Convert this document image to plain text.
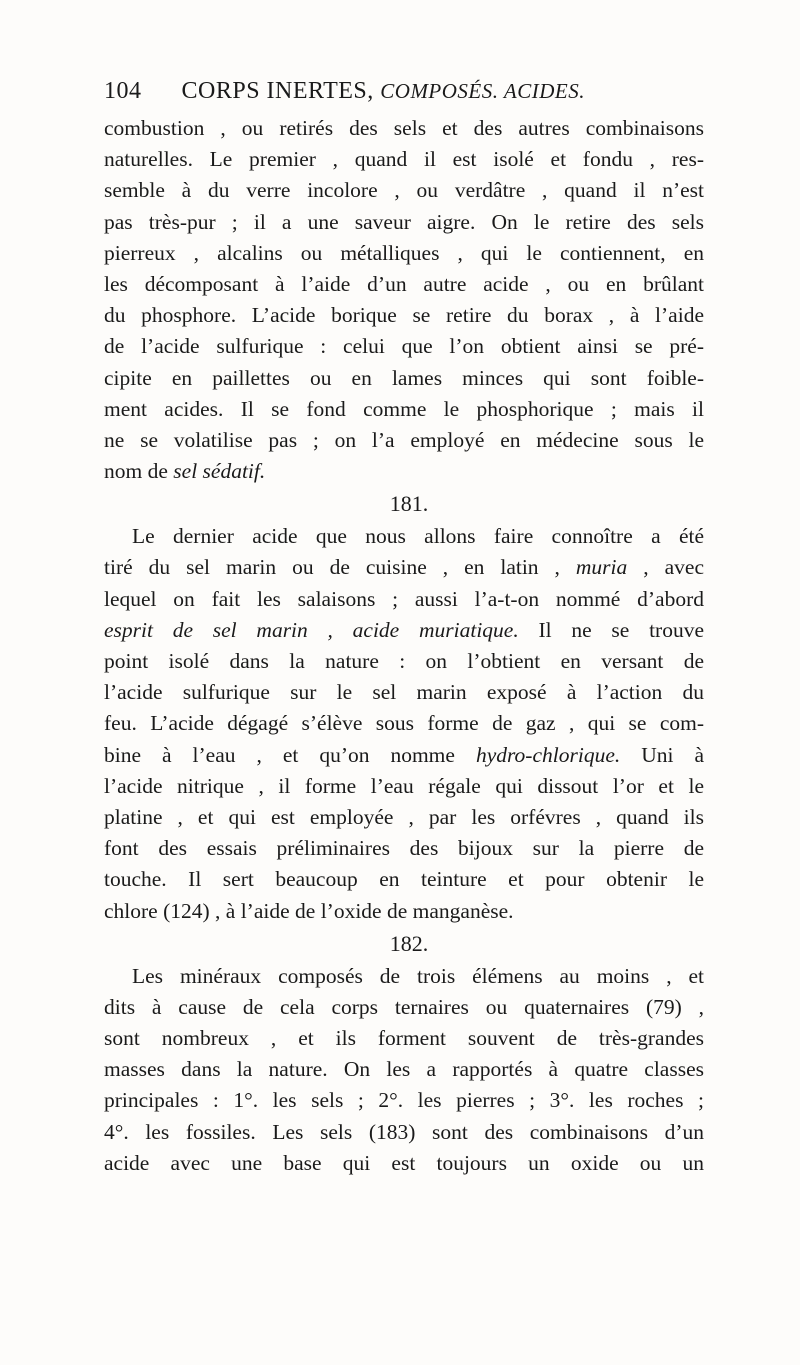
104 CORPS INERTES, COMPOSÉS. ACIDES.
combustion , ou retirés des sels et des autres combinaisons
naturelles. Le premier , quand il est isolé et fondu , res-
semble à du verre incolore , ou verdâtre , quand il n’est
pas très-pur ; il a une saveur aigre. On le retire des sels
pierreux , alcalins ou métalliques , qui le contiennent, en
les décomposant à l’aide d’un autre acide , ou en brûlant
du phosphore. L’acide borique se retire du borax , à l’aide
de l’acide sulfurique : celui que l’on obtient ainsi se pré-
cipite en paillettes ou en lames minces qui sont foible-
ment acides. Il se fond comme le phosphorique ; mais il
ne se volatilise pas ; on l’a employé en médecine sous le
nom de sel sédatif.
181.
Le dernier acide que nous allons faire connoître a été
tiré du sel marin ou de cuisine , en latin , muria , avec
lequel on fait les salaisons ; aussi l’a-t-on nommé d’abord
esprit de sel marin , acide muriatique. Il ne se trouve
point isolé dans la nature : on l’obtient en versant de
l’acide sulfurique sur le sel marin exposé à l’action du
feu. L’acide dégagé s’élève sous forme de gaz , qui se com-
bine à l’eau , et qu’on nomme hydro-chlorique. Uni à
l’acide nitrique , il forme l’eau régale qui dissout l’or et le
platine , et qui est employée , par les orfévres , quand ils
font des essais préliminaires des bijoux sur la pierre de
touche. Il sert beaucoup en teinture et pour obtenir le
chlore (124) , à l’aide de l’oxide de manganèse.
182.
Les minéraux composés de trois élémens au moins , et
dits à cause de cela corps ternaires ou quaternaires (79) ,
sont nombreux , et ils forment souvent de très-grandes
masses dans la nature. On les a rapportés à quatre classes
principales : 1°. les sels ; 2°. les pierres ; 3°. les roches ;
4°. les fossiles. Les sels (183) sont des combinaisons d’un
acide avec une base qui est toujours un oxide ou un
